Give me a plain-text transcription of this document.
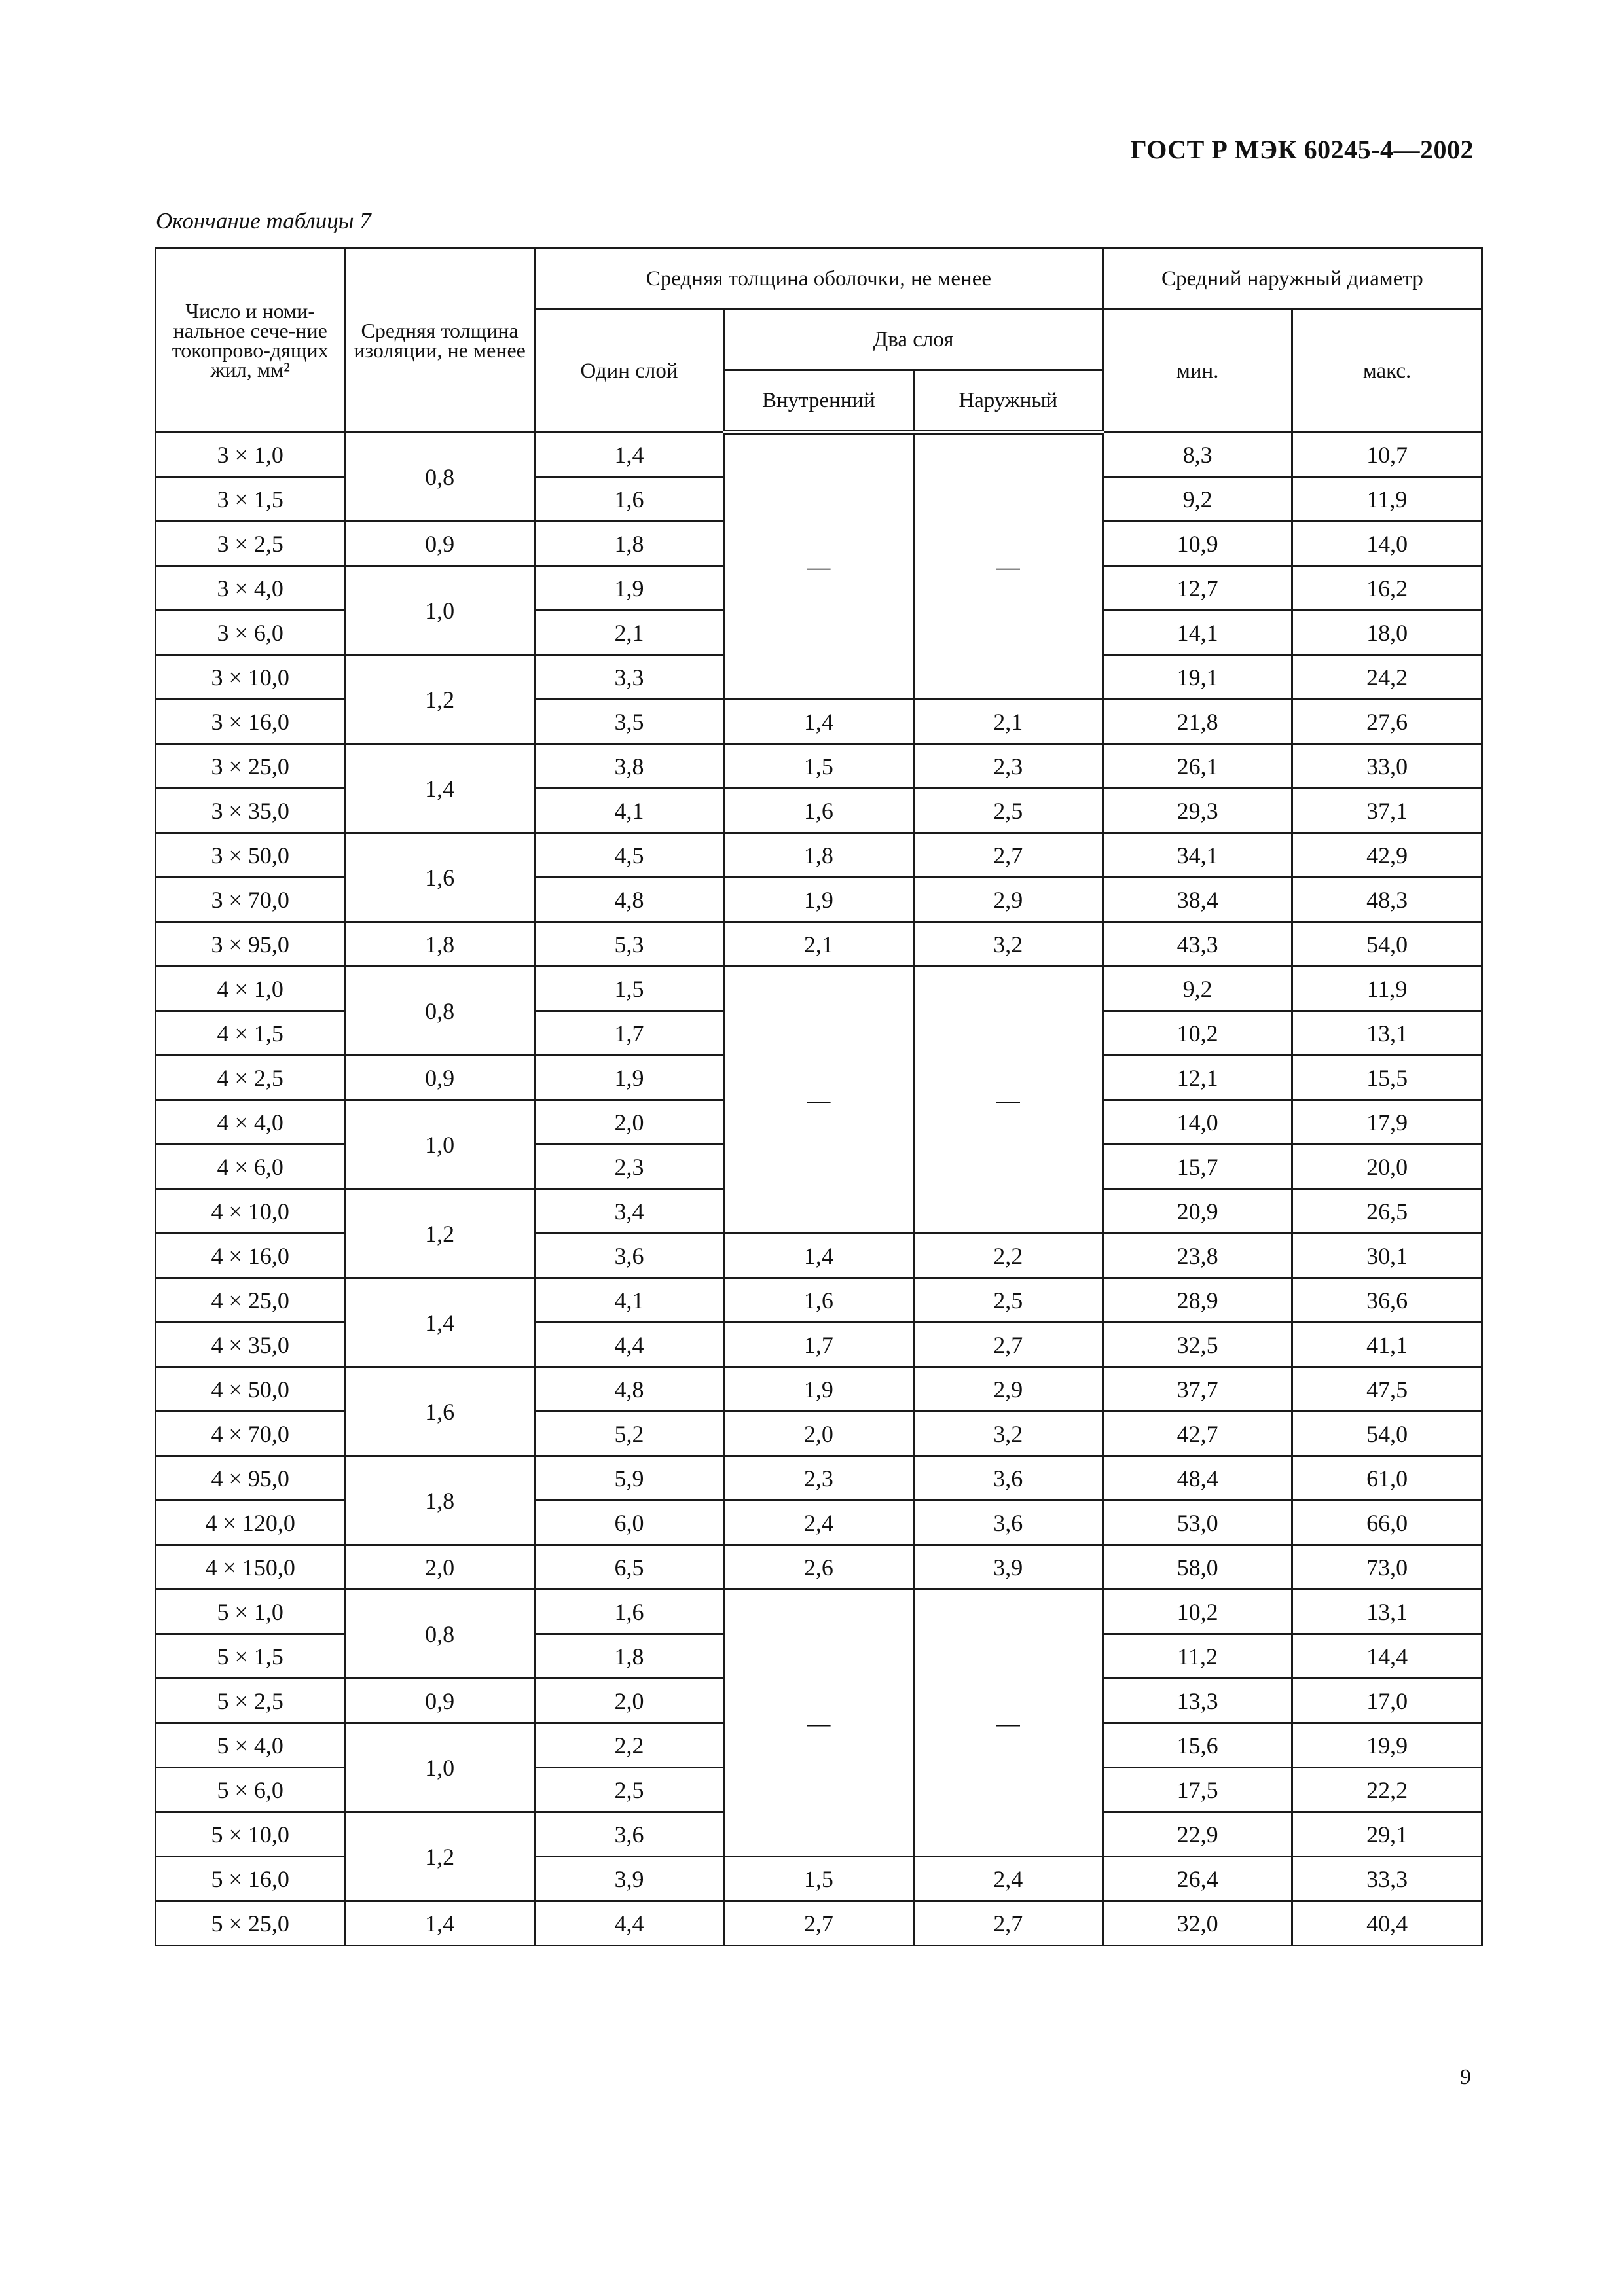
ГОСТ Р МЭК 60245-4—2002
Окончание таблицы 7
Число и номи-нальное сече-ние токопрово-дящих жил, мм²	Средняя толщина изоляции, не менее	Средняя толщина оболочки, не менее			Средний наружный диаметр	
		Один слой	Два слоя		мин.	макс.
			Внутренний	Наружный		
3 × 1,0	0,8	1,4	—	—	8,3	10,7
3 × 1,5		1,6			9,2	11,9
3 × 2,5	0,9	1,8			10,9	14,0
3 × 4,0	1,0	1,9			12,7	16,2
3 × 6,0		2,1			14,1	18,0
3 × 10,0	1,2	3,3			19,1	24,2
3 × 16,0		3,5	1,4	2,1	21,8	27,6
3 × 25,0	1,4	3,8	1,5	2,3	26,1	33,0
3 × 35,0		4,1	1,6	2,5	29,3	37,1
3 × 50,0	1,6	4,5	1,8	2,7	34,1	42,9
3 × 70,0		4,8	1,9	2,9	38,4	48,3
3 × 95,0	1,8	5,3	2,1	3,2	43,3	54,0
4 × 1,0	0,8	1,5	—	—	9,2	11,9
4 × 1,5		1,7			10,2	13,1
4 × 2,5	0,9	1,9			12,1	15,5
4 × 4,0	1,0	2,0			14,0	17,9
4 × 6,0		2,3			15,7	20,0
4 × 10,0	1,2	3,4			20,9	26,5
4 × 16,0		3,6	1,4	2,2	23,8	30,1
4 × 25,0	1,4	4,1	1,6	2,5	28,9	36,6
4 × 35,0		4,4	1,7	2,7	32,5	41,1
4 × 50,0	1,6	4,8	1,9	2,9	37,7	47,5
4 × 70,0		5,2	2,0	3,2	42,7	54,0
4 × 95,0	1,8	5,9	2,3	3,6	48,4	61,0
4 × 120,0		6,0	2,4	3,6	53,0	66,0
4 × 150,0	2,0	6,5	2,6	3,9	58,0	73,0
5 × 1,0	0,8	1,6	—	—	10,2	13,1
5 × 1,5		1,8			11,2	14,4
5 × 2,5	0,9	2,0			13,3	17,0
5 × 4,0	1,0	2,2			15,6	19,9
5 × 6,0		2,5			17,5	22,2
5 × 10,0	1,2	3,6			22,9	29,1
5 × 16,0		3,9	1,5	2,4	26,4	33,3
5 × 25,0	1,4	4,4	2,7	2,7	32,0	40,4
9
